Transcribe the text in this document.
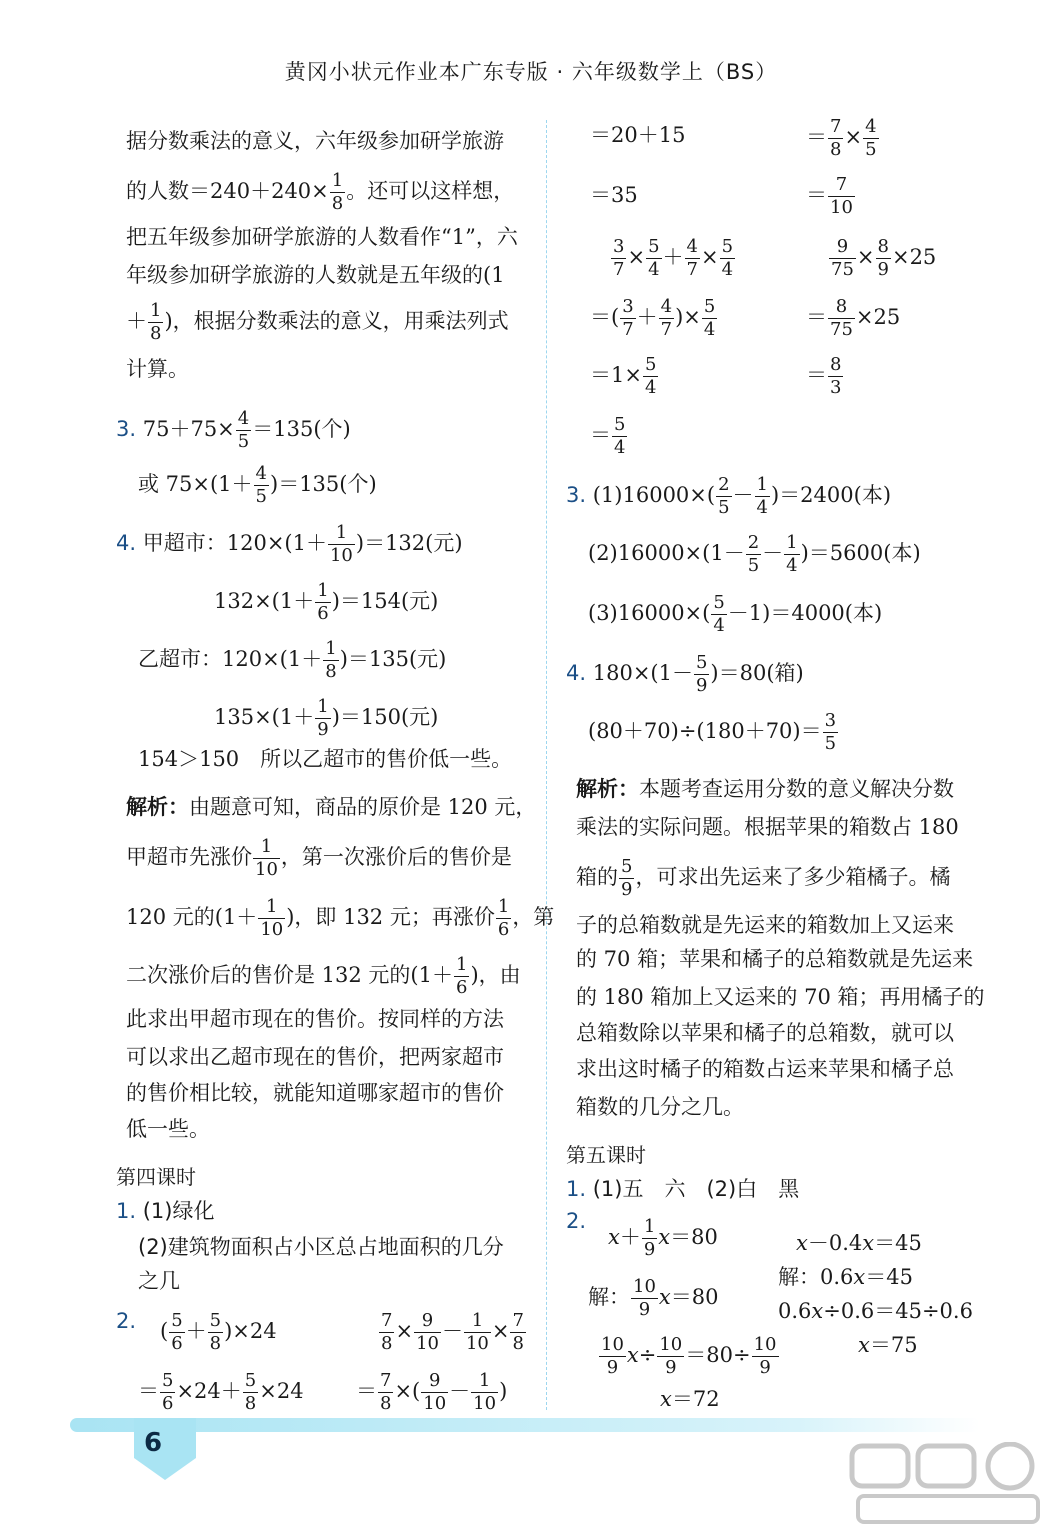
黄冈小状元作业本广东专版 · 六年级数学上（BS）
据分数乘法的意义，六年级参加研学旅游
的人数$=240+240\times \frac{1}{8}$ 。还可以这样想，
把五年级参加研学旅游的人数看作“1”，六
年级参加研学旅游的人数就是五年级的(1
＋ $\frac{1}{8}$ )，根据分数乘法的意义，用乘法列式
计算。
3. $75+75\times \frac{4}{5} =135$(个)
或 $75\times(1+ \frac{4}{5} )=135$(个)
4. 甲超市：$120\times(1+ \frac{1}{10} )=132$(元)
$132\times(1+ \frac{1}{6} )=154$(元)
乙超市：$120\times(1+ \frac{1}{8} )=135$(元)
$135\times(1+ \frac{1}{9} )=150$(元)
154＞150　所以乙超市的售价低一些。
解析：由题意可知，商品的原价是 120 元，
甲超市先涨价 $\frac{1}{10}$ ，第一次涨价后的售价是
120 元的($1+ \frac{1}{10}$ )，即 132 元；再涨价 $\frac{1}{6}$ ，第
二次涨价后的售价是 132 元的($1+ \frac{1}{6}$ )，由
此求出甲超市现在的售价。按同样的方法
可以求出乙超市现在的售价，把两家超市
的售价相比较，就能知道哪家超市的售价
低一些。
第四课时
1. (1)绿化
(2)建筑物面积占小区总占地面积的几分
之几
2. ( $\frac{5}{6} + \frac{5}{8} )\times 24$
＝ $\frac{5}{6} \times 24+ \frac{5}{8} \times 24$
$\frac{7}{8} \times \frac{9}{10} - \frac{1}{10} \times \frac{7}{8}$
＝ $\frac{7}{8}$ ×( $\frac{9}{10} - \frac{1}{10}$ )
＝20＋15
＝35
＝ $\frac{7}{8} \times \frac{4}{5}$
＝ $\frac{7}{10}$
$\frac{3}{7} \times \frac{5}{4} + \frac{4}{7} \times \frac{5}{4}$
＝( $\frac{3}{7} + \frac{4}{7}$ )× $\frac{5}{4}$
$=1\times \frac{5}{4}$
＝ $\frac{5}{4}$
$\frac{9}{75} \times \frac{8}{9} \times 25$
＝ $\frac{8}{75} \times 25$
＝ $\frac{8}{3}$
3. $(1)16000\times( \frac{2}{5} - \frac{1}{4} )=2400$(本)
$(2)16000\times(1- \frac{2}{5} - \frac{1}{4} )=5600$(本)
$(3)16000\times( \frac{5}{4} -1)=4000$(本)
4. $180\times(1- \frac{5}{9} )=80$(箱)
$(80+70)\div(180+70)= \frac{3}{5}$
解析：本题考查运用分数的意义解决分数
乘法的实际问题。根据苹果的箱数占 180
箱的 $\frac{5}{9}$ ，可求出先运来了多少箱橘子。橘
子的总箱数就是先运来的箱数加上又运来
的 70 箱；苹果和橘子的总箱数就是先运来
的 180 箱加上又运来的 70 箱；再用橘子的
总箱数除以苹果和橘子的总箱数，就可以
求出这时橘子的箱数占运来苹果和橘子总
箱数的几分之几。
第五课时
1. (1)五　六　(2)白　黑
2.
$x+ \frac{1}{9} x=80$
解： $\frac{10}{9} x=80$
$\frac{10}{9} x\div \frac{10}{9} =80\div \frac{10}{9}$
x＝72
x－0.4x＝45
解：0.6x＝45
0.6x÷0.6＝45÷0.6
x＝75
6
